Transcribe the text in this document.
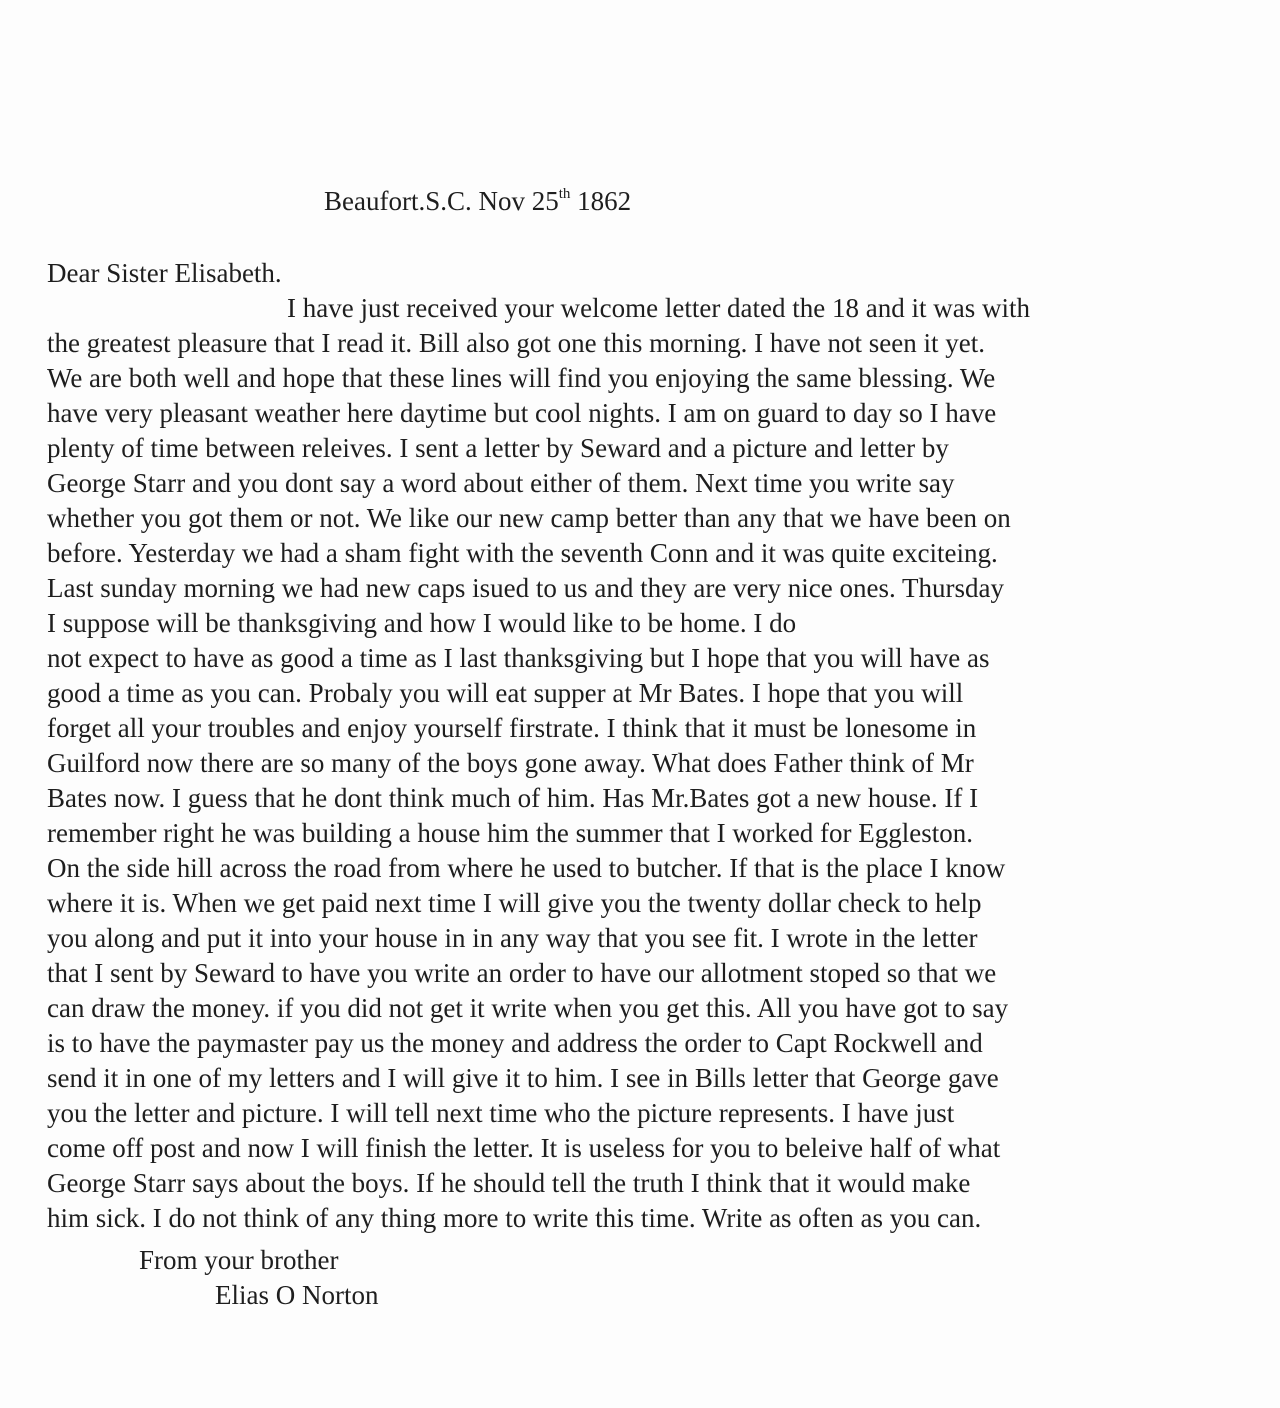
Beaufort.S.C. Nov 25th 1862
Dear Sister Elisabeth.
I have just received your welcome letter dated the 18 and it was with
the greatest pleasure that I read it. Bill also got one this morning. I have not seen it yet.
We are both well and hope that these lines will find you enjoying the same blessing. We
have very pleasant weather here daytime but cool nights. I am on guard to day so I have
plenty of time between releives. I sent a letter by Seward and a picture and letter by
George Starr and you dont say a word about either of them. Next time you write say
whether you got them or not. We like our new camp better than any that we have been on
before. Yesterday we had a sham fight with the seventh Conn and it was quite exciteing.
Last sunday morning we had new caps isued to us and they are very nice ones. Thursday
I suppose will be thanksgiving and how I would like to be home. I do
not expect to have as good a time as I last thanksgiving but I hope that you will have as
good a time as you can. Probaly you will eat supper at Mr Bates. I hope that you will
forget all your troubles and enjoy yourself firstrate. I think that it must be lonesome in
Guilford now there are so many of the boys gone away. What does Father think of Mr
Bates now. I guess that he dont think much of him. Has Mr.Bates got a new house. If I
remember right he was building a house him the summer that I worked for Eggleston.
On the side hill across the road from where he used to butcher. If that is the place I know
where it is. When we get paid next time I will give you the twenty dollar check to help
you along and put it into your house in in any way that you see fit. I wrote in the letter
that I sent by Seward to have you write an order to have our allotment stoped so that we
can draw the money. if you did not get it write when you get this. All you have got to say
is to have the paymaster pay us the money and address the order to Capt Rockwell and
send it in one of my letters and I will give it to him. I see in Bills letter that George gave
you the letter and picture. I will tell next time who the picture represents. I have just
come off post and now I will finish the letter. It is useless for you to beleive half of what
George Starr says about the boys. If he should tell the truth I think that it would make
him sick. I do not think of any thing more to write this time. Write as often as you can.
From your brother
Elias O Norton
